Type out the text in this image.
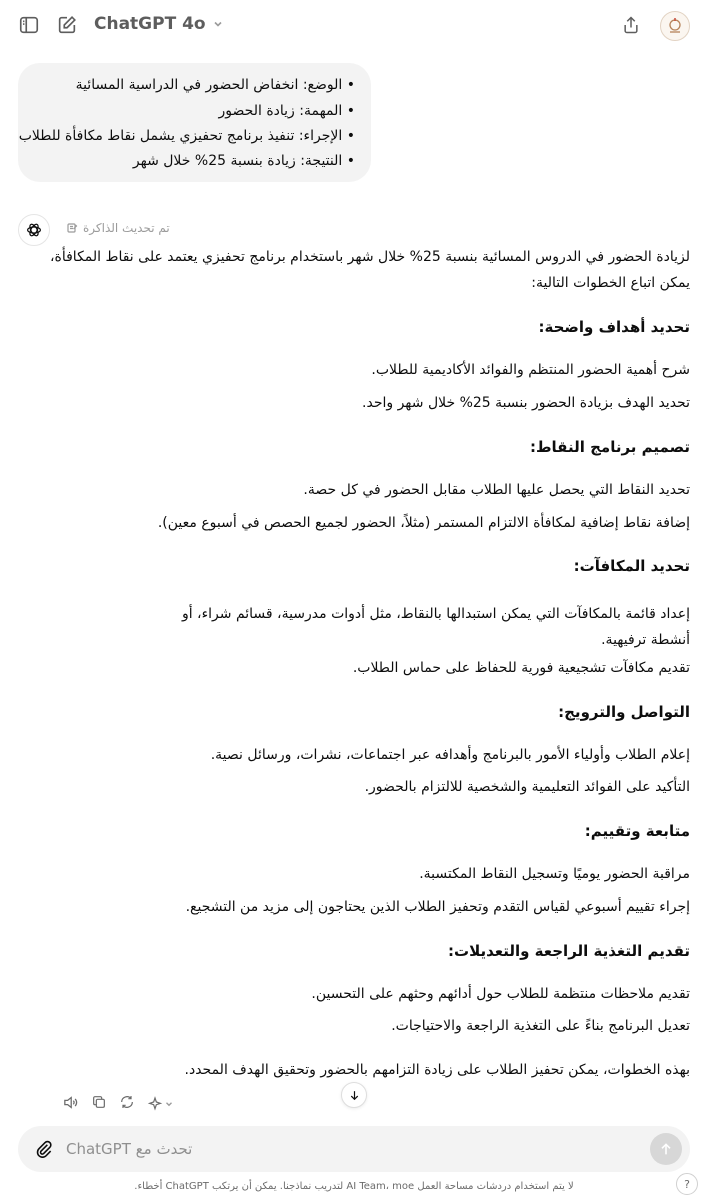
ChatGPT 4o
• الوضع: انخفاض الحضور في الدراسية المسائية
• المهمة: زيادة الحضور
• الإجراء: تنفيذ برنامج تحفيزي يشمل نقاط مكافأة للطلاب
• النتيجة: زيادة بنسبة 25% خلال شهر
تم تحديث الذاكرة
لزيادة الحضور في الدروس المسائية بنسبة 25% خلال شهر باستخدام برنامج تحفيزي يعتمد على نقاط المكافأة،
يمكن اتباع الخطوات التالية:
تحديد أهداف واضحة:
شرح أهمية الحضور المنتظم والفوائد الأكاديمية للطلاب.
تحديد الهدف بزيادة الحضور بنسبة 25% خلال شهر واحد.
تصميم برنامج النقاط:
تحديد النقاط التي يحصل عليها الطلاب مقابل الحضور في كل حصة.
إضافة نقاط إضافية لمكافأة الالتزام المستمر (مثلاً، الحضور لجميع الحصص في أسبوع معين).
تحديد المكافآت:
إعداد قائمة بالمكافآت التي يمكن استبدالها بالنقاط، مثل أدوات مدرسية، قسائم شراء، أو أنشطة ترفيهية.
تقديم مكافآت تشجيعية فورية للحفاظ على حماس الطلاب.
التواصل والترويج:
إعلام الطلاب وأولياء الأمور بالبرنامج وأهدافه عبر اجتماعات، نشرات، ورسائل نصية.
التأكيد على الفوائد التعليمية والشخصية للالتزام بالحضور.
متابعة وتقييم:
مراقبة الحضور يوميًا وتسجيل النقاط المكتسبة.
إجراء تقييم أسبوعي لقياس التقدم وتحفيز الطلاب الذين يحتاجون إلى مزيد من التشجيع.
تقديم التغذية الراجعة والتعديلات:
تقديم ملاحظات منتظمة للطلاب حول أدائهم وحثهم على التحسين.
تعديل البرنامج بناءً على التغذية الراجعة والاحتياجات.
بهذه الخطوات، يمكن تحفيز الطلاب على زيادة التزامهم بالحضور وتحقيق الهدف المحدد.
تحدث مع ChatGPT
لا يتم استخدام دردشات مساحة العمل AI Team، moe لتدريب نماذجنا. يمكن أن يرتكب ChatGPT أخطاء.	?
